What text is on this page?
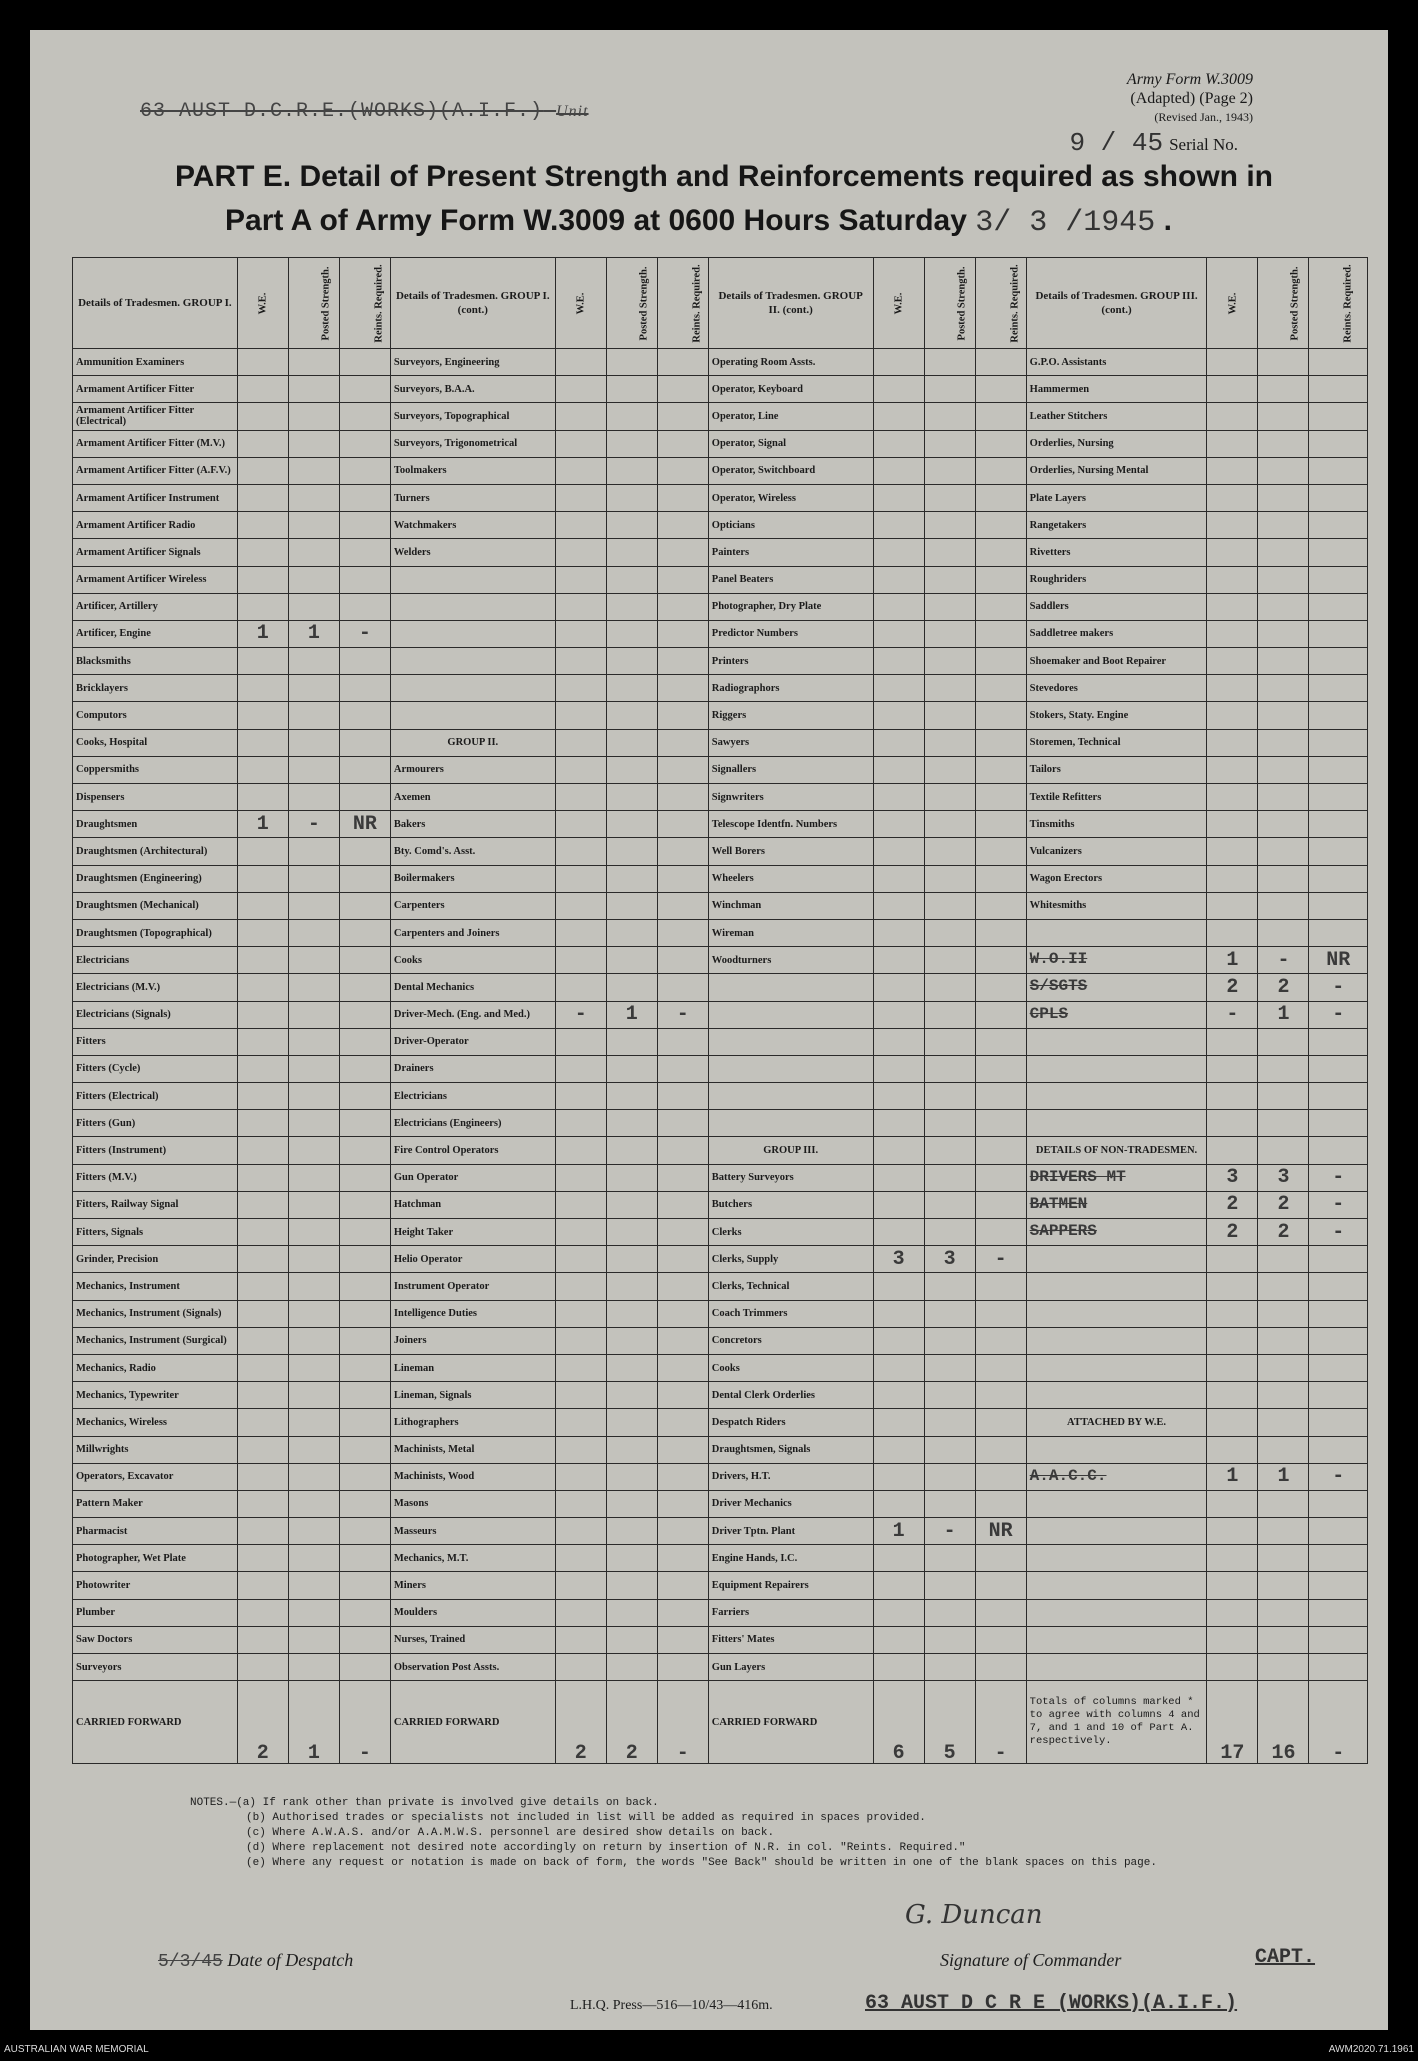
63 AUST D.C.R.E.(WORKS)(A.I.F.) Unit
Army Form W.3009
(Adapted) (Page 2)
(Revised Jan., 1943)
9 / 45 Serial No.
PART E. Detail of Present Strength and Reinforcements required as shown in
Part A of Army Form W.3009 at 0600 Hours Saturday 3/ 3 /1945 .
Details of Tradesmen. GROUP I.	W.E.	Posted Strength.	Reints. Required.	Details of Tradesmen. GROUP I. (cont.)	W.E.	Posted Strength.	Reints. Required.	Details of Tradesmen. GROUP II. (cont.)	W.E.	Posted Strength.	Reints. Required.	Details of Tradesmen. GROUP III. (cont.)	W.E.	Posted Strength.	Reints. Required.
Ammunition Examiners				Surveyors, Engineering				Operating Room Assts.				G.P.O. Assistants			
Armament Artificer Fitter				Surveyors, B.A.A.				Operator, Keyboard				Hammermen			
Armament Artificer Fitter (Electrical)				Surveyors, Topographical				Operator, Line				Leather Stitchers			
Armament Artificer Fitter (M.V.)				Surveyors, Trigonometrical				Operator, Signal				Orderlies, Nursing			
Armament Artificer Fitter (A.F.V.)				Toolmakers				Operator, Switchboard				Orderlies, Nursing Mental			
Armament Artificer Instrument				Turners				Operator, Wireless				Plate Layers			
Armament Artificer Radio				Watchmakers				Opticians				Rangetakers			
Armament Artificer Signals				Welders				Painters				Rivetters			
Armament Artificer Wireless								Panel Beaters				Roughriders			
Artificer, Artillery								Photographer, Dry Plate				Saddlers			
Artificer, Engine	1	1	-					Predictor Numbers				Saddletree makers			
Blacksmiths								Printers				Shoemaker and Boot Repairer			
Bricklayers								Radiographors				Stevedores			
Computors								Riggers				Stokers, Staty. Engine			
Cooks, Hospital				GROUP II.				Sawyers				Storemen, Technical			
Coppersmiths				Armourers				Signallers				Tailors			
Dispensers				Axemen				Signwriters				Textile Refitters			
Draughtsmen	1	-	NR	Bakers				Telescope Identfn. Numbers				Tinsmiths			
Draughtsmen (Architectural)				Bty. Comd's. Asst.				Well Borers				Vulcanizers			
Draughtsmen (Engineering)				Boilermakers				Wheelers				Wagon Erectors			
Draughtsmen (Mechanical)				Carpenters				Winchman				Whitesmiths			
Draughtsmen (Topographical)				Carpenters and Joiners				Wireman							
Electricians				Cooks				Woodturners				W.O.II	1	-	NR
Electricians (M.V.)				Dental Mechanics								S/SGTS	2	2	-
Electricians (Signals)				Driver-Mech. (Eng. and Med.)	-	1	-					CPLS	-	1	-
Fitters				Driver-Operator											
Fitters (Cycle)				Drainers											
Fitters (Electrical)				Electricians											
Fitters (Gun)				Electricians (Engineers)											
Fitters (Instrument)				Fire Control Operators				GROUP III.				DETAILS OF NON-TRADESMEN.			
Fitters (M.V.)				Gun Operator				Battery Surveyors				DRIVERS MT	3	3	-
Fitters, Railway Signal				Hatchman				Butchers				BATMEN	2	2	-
Fitters, Signals				Height Taker				Clerks				SAPPERS	2	2	-
Grinder, Precision				Helio Operator				Clerks, Supply	3	3	-				
Mechanics, Instrument				Instrument Operator				Clerks, Technical							
Mechanics, Instrument (Signals)				Intelligence Duties				Coach Trimmers							
Mechanics, Instrument (Surgical)				Joiners				Concretors							
Mechanics, Radio				Lineman				Cooks							
Mechanics, Typewriter				Lineman, Signals				Dental Clerk Orderlies							
Mechanics, Wireless				Lithographers				Despatch Riders				ATTACHED BY W.E.			
Millwrights				Machinists, Metal				Draughtsmen, Signals							
Operators, Excavator				Machinists, Wood				Drivers, H.T.				A.A.C.C.	1	1	-
Pattern Maker				Masons				Driver Mechanics							
Pharmacist				Masseurs				Driver Tptn. Plant	1	-	NR				
Photographer, Wet Plate				Mechanics, M.T.				Engine Hands, I.C.							
Photowriter				Miners				Equipment Repairers							
Plumber				Moulders				Farriers							
Saw Doctors				Nurses, Trained				Fitters' Mates							
Surveyors				Observation Post Assts.				Gun Layers							
CARRIED FORWARD	2	1	-	CARRIED FORWARD	2	2	-	CARRIED FORWARD	6	5	-	Totals of columns marked * to agree with columns 4 and 7, and 1 and 10 of Part A. respectively.	17	16	-
NOTES.—(a) If rank other than private is involved give details on back.
(b) Authorised trades or specialists not included in list will be added as required in spaces provided.
(c) Where A.W.A.S. and/or A.A.M.W.S. personnel are desired show details on back.
(d) Where replacement not desired note accordingly on return by insertion of N.R. in col. "Reints. Required."
(e) Where any request or notation is made on back of form, the words "See Back" should be written in one of the blank spaces on this page.
G. Duncan
5/3/45 Date of Despatch	Signature of Commander	CAPT.
L.H.Q. Press—516—10/43—416m.	63 AUST D C R E (WORKS)(A.I.F.)
AUSTRALIAN WAR MEMORIAL	AWM2020.71.1961
